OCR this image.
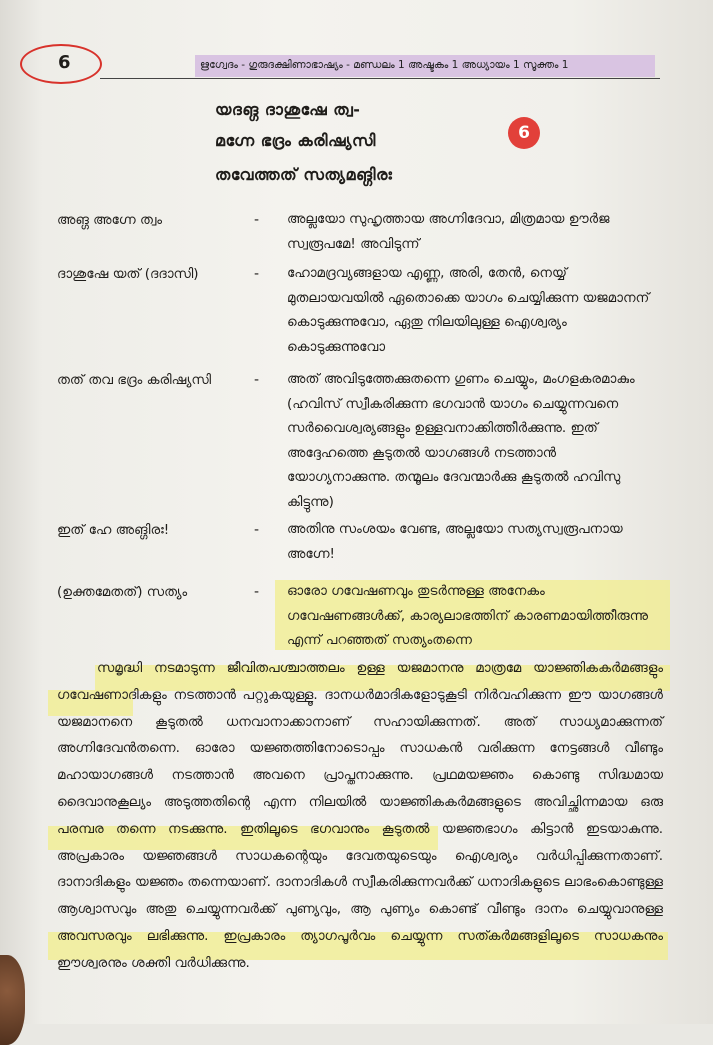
6	ഋഗ്വേദം - ഗുരുദക്ഷിണാഭാഷ്യം - മണ്ഡലം 1 അഷ്ടകം 1 അധ്യായം 1 സൂക്തം 1
യദങ്ഗ ദാശുഷേ ത്വ-
മഗ്നേ ഭദ്രം കരിഷ്യസി
തവേത്തത് സത്യമങ്ഗിരഃ
6
അങ്ഗ അഗ്നേ ത്വം	- അല്ലയോ സുഹൃത്തായ അഗ്നിദേവാ, മിത്രമായ ഊർജ സ്വരൂപമേ! അവിടുന്ന്
ദാശുഷേ യത് (ദദാസി)	- ഹോമദ്രവ്യങ്ങളായ എണ്ണ, അരി, തേൻ, നെയ്യ് മുതലായവയിൽ ഏതൊക്കെ യാഗം ചെയ്യിക്കുന്ന യജമാനന് കൊടുക്കുന്നുവോ, ഏതു നിലയിലുള്ള ഐശ്വര്യം കൊടുക്കുന്നുവോ
തത് തവ ഭദ്രം കരിഷ്യസി	- അത് അവിടുത്തേക്കുതന്നെ ഗുണം ചെയ്യും, മംഗളകരമാകും (ഹവിസ് സ്വീകരിക്കുന്ന ഭഗവാൻ യാഗം ചെയ്യുന്നവനെ സർവൈശ്വര്യങ്ങളും ഉള്ളവനാക്കിത്തീർക്കുന്നു. ഇത് അദ്ദേഹത്തെ കൂടുതൽ യാഗങ്ങൾ നടത്താൻ യോഗ്യനാക്കുന്നു. തന്മൂലം ദേവന്മാർക്കു കൂടുതൽ ഹവിസു കിട്ടുന്നു)
ഇത് ഹേ അങ്ഗിരഃ!	- അതിനു സംശയം വേണ്ട, അല്ലയോ സത്യസ്വരൂപനായ അഗ്നേ!
(ഉക്തമേതത്) സത്യം	- ഓരോ ഗവേഷണവും തുടർന്നുള്ള അനേകം ഗവേഷണങ്ങൾക്ക്, കാര്യലാഭത്തിന് കാരണമായിത്തീരുന്നു എന്ന് പറഞ്ഞത് സത്യംതന്നെ

സമൃദ്ധി നടമാടുന്ന ജീവിതപശ്ചാത്തലം ഉള്ള യജമാനനു മാത്രമേ യാജ്ഞികകർമങ്ങളും ഗവേഷണാദികളും നടത്താൻ പറ്റുകയുള്ളൂ. ദാനധർമാദികളോടുകൂടി നിർവഹിക്കുന്ന ഈ യാഗങ്ങൾ യജമാനനെ കൂടുതൽ ധനവാനാക്കാനാണ് സഹായിക്കുന്നത്. അത് സാധ്യമാക്കുന്നത് അഗ്നിദേവൻതന്നെ. ഓരോ യജ്ഞത്തിനോടൊപ്പം സാധകൻ വരിക്കുന്ന നേട്ടങ്ങൾ വീണ്ടും മഹായാഗങ്ങൾ നടത്താൻ അവനെ പ്രാപ്തനാക്കുന്നു. പ്രഥമയജ്ഞം കൊണ്ടു സിദ്ധമായ ദൈവാനുകൂല്യം അടുത്തതിന്റെ എന്ന നിലയിൽ യാജ്ഞികകർമങ്ങളുടെ അവിച്ഛിന്നമായ ഒരു പരമ്പര തന്നെ നടക്കുന്നു. ഇതിലൂടെ ഭഗവാനും കൂടുതൽ യജ്ഞഭാഗം കിട്ടാൻ ഇടയാകുന്നു. അപ്രകാരം യജ്ഞങ്ങൾ സാധകന്റെയും ദേവതയുടെയും ഐശ്വര്യം വർധിപ്പിക്കുന്നതാണ്. ദാനാദികളും യജ്ഞം തന്നെയാണ്. ദാനാദികൾ സ്വീകരിക്കുന്നവർക്ക് ധനാദികളുടെ ലാഭംകൊണ്ടുള്ള ആശ്വാസവും അതു ചെയ്യുന്നവർക്ക് പുണ്യവും, ആ പുണ്യം കൊണ്ട് വീണ്ടും ദാനം ചെയ്യുവാനുള്ള അവസരവും ലഭിക്കുന്നു. ഇപ്രകാരം ത്യാഗപൂർവം ചെയ്യുന്ന സത്കർമങ്ങളിലൂടെ സാധകനും ഈശ്വരനും ശക്തി വർധിക്കുന്നു.
